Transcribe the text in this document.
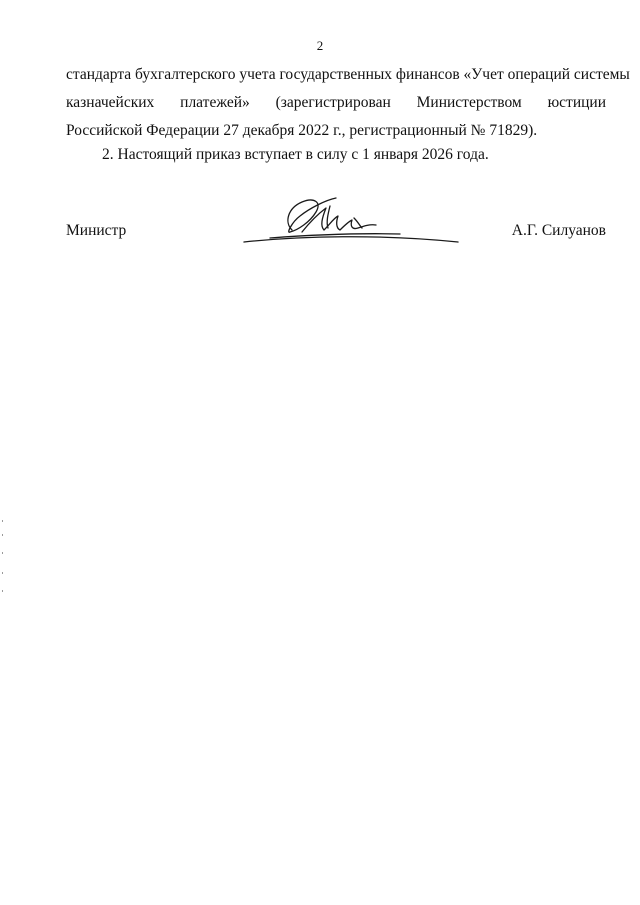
2
стандарта бухгалтерского учета государственных финансов «Учет операций системы
казначейских платежей» (зарегистрирован Министерством юстиции
Российской Федерации 27 декабря 2022 г., регистрационный № 71829).
2. Настоящий приказ вступает в силу с 1 января 2026 года.
Министр	А.Г. Силуанов
